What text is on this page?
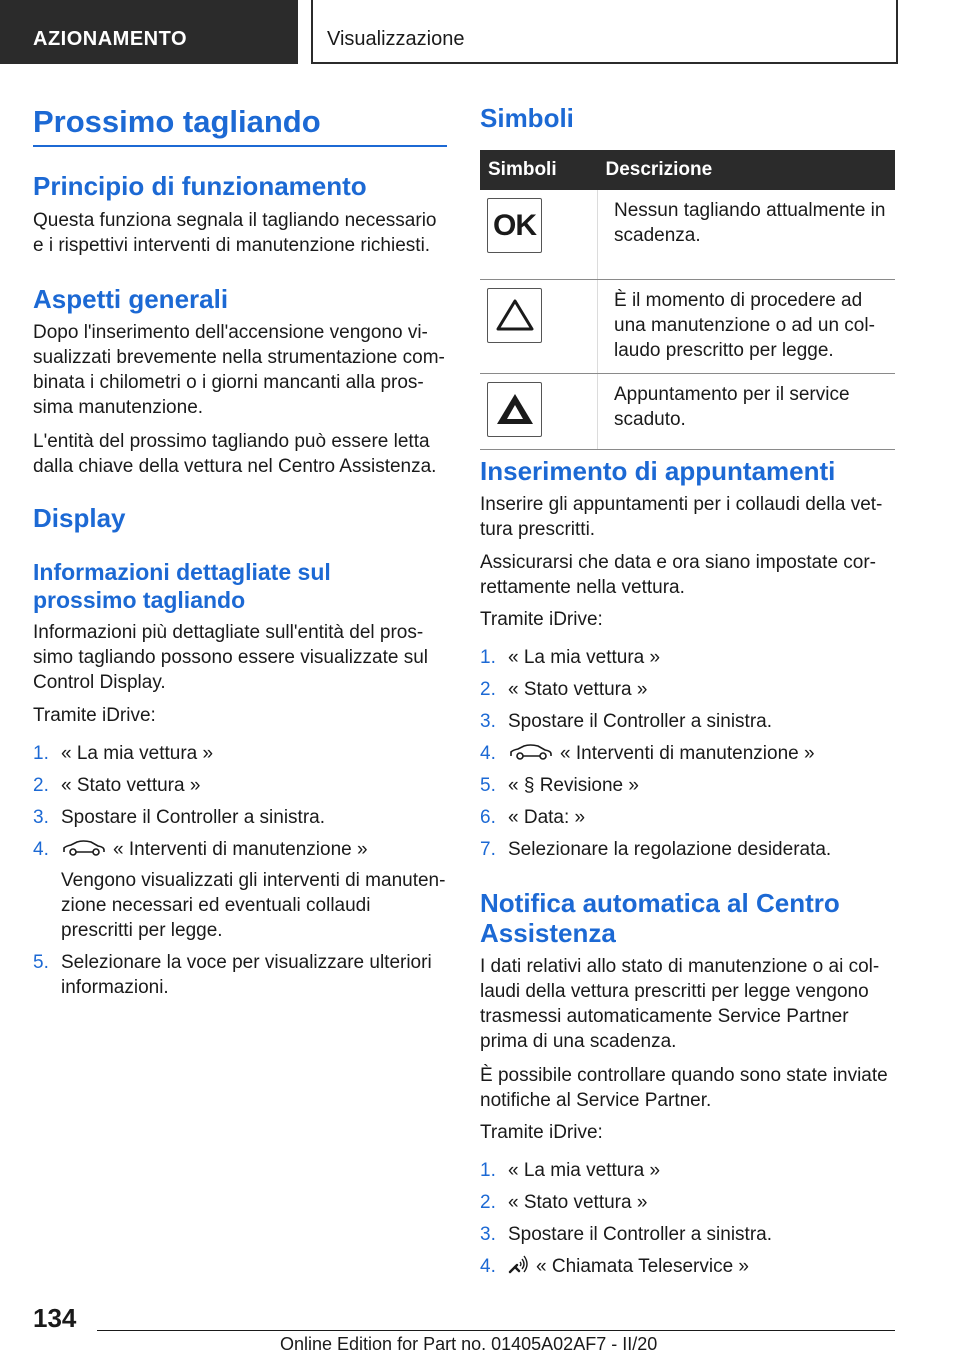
AZIONAMENTO	Visualizzazione
Prossimo tagliando
Principio di funzionamento

Questa funziona segnala il tagliando necessario e i rispettivi interventi di manutenzione richiesti.

Aspetti generali

Dopo l'inserimento dell'accensione vengono vi- sualizzati brevemente nella strumentazione com- binata i chilometri o i giorni mancanti alla pros- sima manutenzione.

L'entità del prossimo tagliando può essere letta dalla chiave della vettura nel Centro Assistenza.

Display
Informazioni dettagliate sul prossimo tagliando

Informazioni più dettagliate sull'entità del pros- simo tagliando possono essere visualizzate sul Control Display.

Tramite iDrive:

1. « La mia vettura »
2. « Stato vettura »
3. Spostare il Controller a sinistra.
4.	« Interventi di manutenzione »
Vengono visualizzati gli interventi di manuten- zione necessari ed eventuali collaudi prescritti per legge.
5. Selezionare la voce per visualizzare ulteriori informazioni.
Simboli
Simboli	Descrizione

OK	Nessun tagliando attualmente in scadenza.

	È il momento di procedere ad una manutenzione o ad un col- laudo prescritto per legge.

	Appuntamento per il service scaduto.
Inserimento di appuntamenti

Inserire gli appuntamenti per i collaudi della vet- tura prescritti.

Assicurarsi che data e ora siano impostate cor- rettamente nella vettura.

Tramite iDrive:

1. « La mia vettura »
2. « Stato vettura »
3. Spostare il Controller a sinistra.
4.	« Interventi di manutenzione »
5. « § Revisione »
6. « Data: »
7. Selezionare la regolazione desiderata.
Notifica automatica al Centro Assistenza

I dati relativi allo stato di manutenzione o ai col- laudi della vettura prescritti per legge vengono trasmessi automaticamente Service Partner prima di una scadenza.

È possibile controllare quando sono state inviate notifiche al Service Partner.

Tramite iDrive:

1. « La mia vettura »
2. « Stato vettura »
3. Spostare il Controller a sinistra.
4. « Chiamata Teleservice »
134
Online Edition for Part no. 01405A02AF7 - II/20
